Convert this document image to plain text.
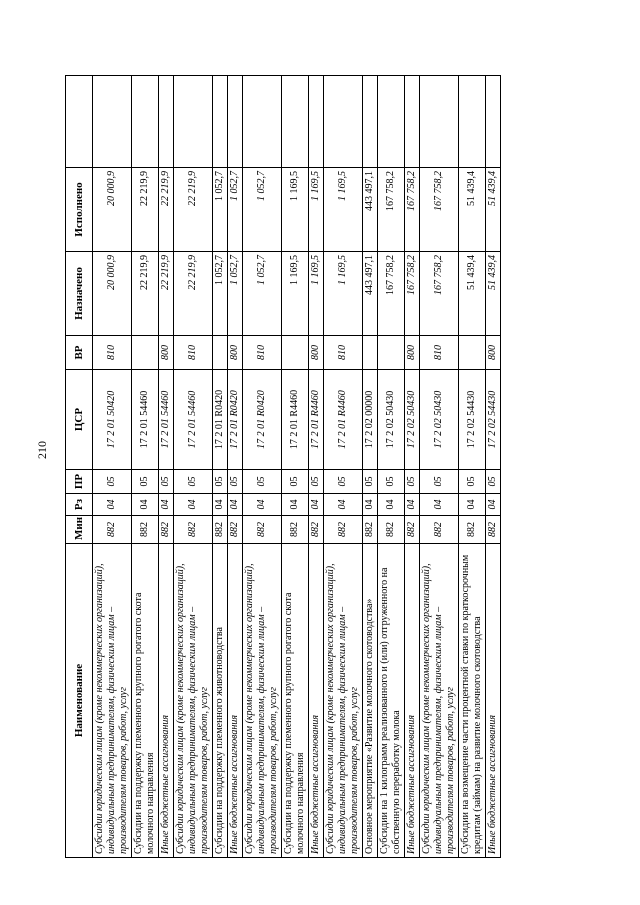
210
Наименование	Мин	Рз	ПР	ЦСР	ВР	Назначено	Исполнено	
Субсидии юридическим лицам (кроме некоммерческих организаций), индивидуальным предпринимателям, физическим лицам – производителям товаров, работ, услуг	882	04	05	17 2 01 50420	810	20 000,9	20 000,9	
Субсидии на поддержку племенного крупного рогатого скота молочного направления	882	04	05	17 2 01 54460		22 219,9	22 219,9	
Иные бюджетные ассигнования	882	04	05	17 2 01 54460	800	22 219,9	22 219,9	
Субсидии юридическим лицам (кроме некоммерческих организаций), индивидуальным предпринимателям, физическим лицам – производителям товаров, работ, услуг	882	04	05	17 2 01 54460	810	22 219,9	22 219,9	
Субсидии на поддержку племенного животноводства	882	04	05	17 2 01 R0420		1 052,7	1 052,7	
Иные бюджетные ассигнования	882	04	05	17 2 01 R0420	800	1 052,7	1 052,7	
Субсидии юридическим лицам (кроме некоммерческих организаций), индивидуальным предпринимателям, физическим лицам – производителям товаров, работ, услуг	882	04	05	17 2 01 R0420	810	1 052,7	1 052,7	
Субсидии на поддержку племенного крупного рогатого скота молочного направления	882	04	05	17 2 01 R4460		1 169,5	1 169,5	
Иные бюджетные ассигнования	882	04	05	17 2 01 R4460	800	1 169,5	1 169,5	
Субсидии юридическим лицам (кроме некоммерческих организаций), индивидуальным предпринимателям, физическим лицам – производителям товаров, работ, услуг	882	04	05	17 2 01 R4460	810	1 169,5	1 169,5	
Основное мероприятие «Развитие молочного скотоводства»	882	04	05	17 2 02 00000		443 497,1	443 497,1	
Субсидии на 1 килограмм реализованного и (или) отгруженного на собственную переработку молока	882	04	05	17 2 02 50430		167 758,2	167 758,2	
Иные бюджетные ассигнования	882	04	05	17 2 02 50430	800	167 758,2	167 758,2	
Субсидии юридическим лицам (кроме некоммерческих организаций), индивидуальным предпринимателям, физическим лицам – производителям товаров, работ, услуг	882	04	05	17 2 02 50430	810	167 758,2	167 758,2	
Субсидии на возмещение части процентной ставки по краткосрочным кредитам (займам) на развитие молочного скотоводства	882	04	05	17 2 02 54430		51 439,4	51 439,4	
Иные бюджетные ассигнования	882	04	05	17 2 02 54430	800	51 439,4	51 439,4	
